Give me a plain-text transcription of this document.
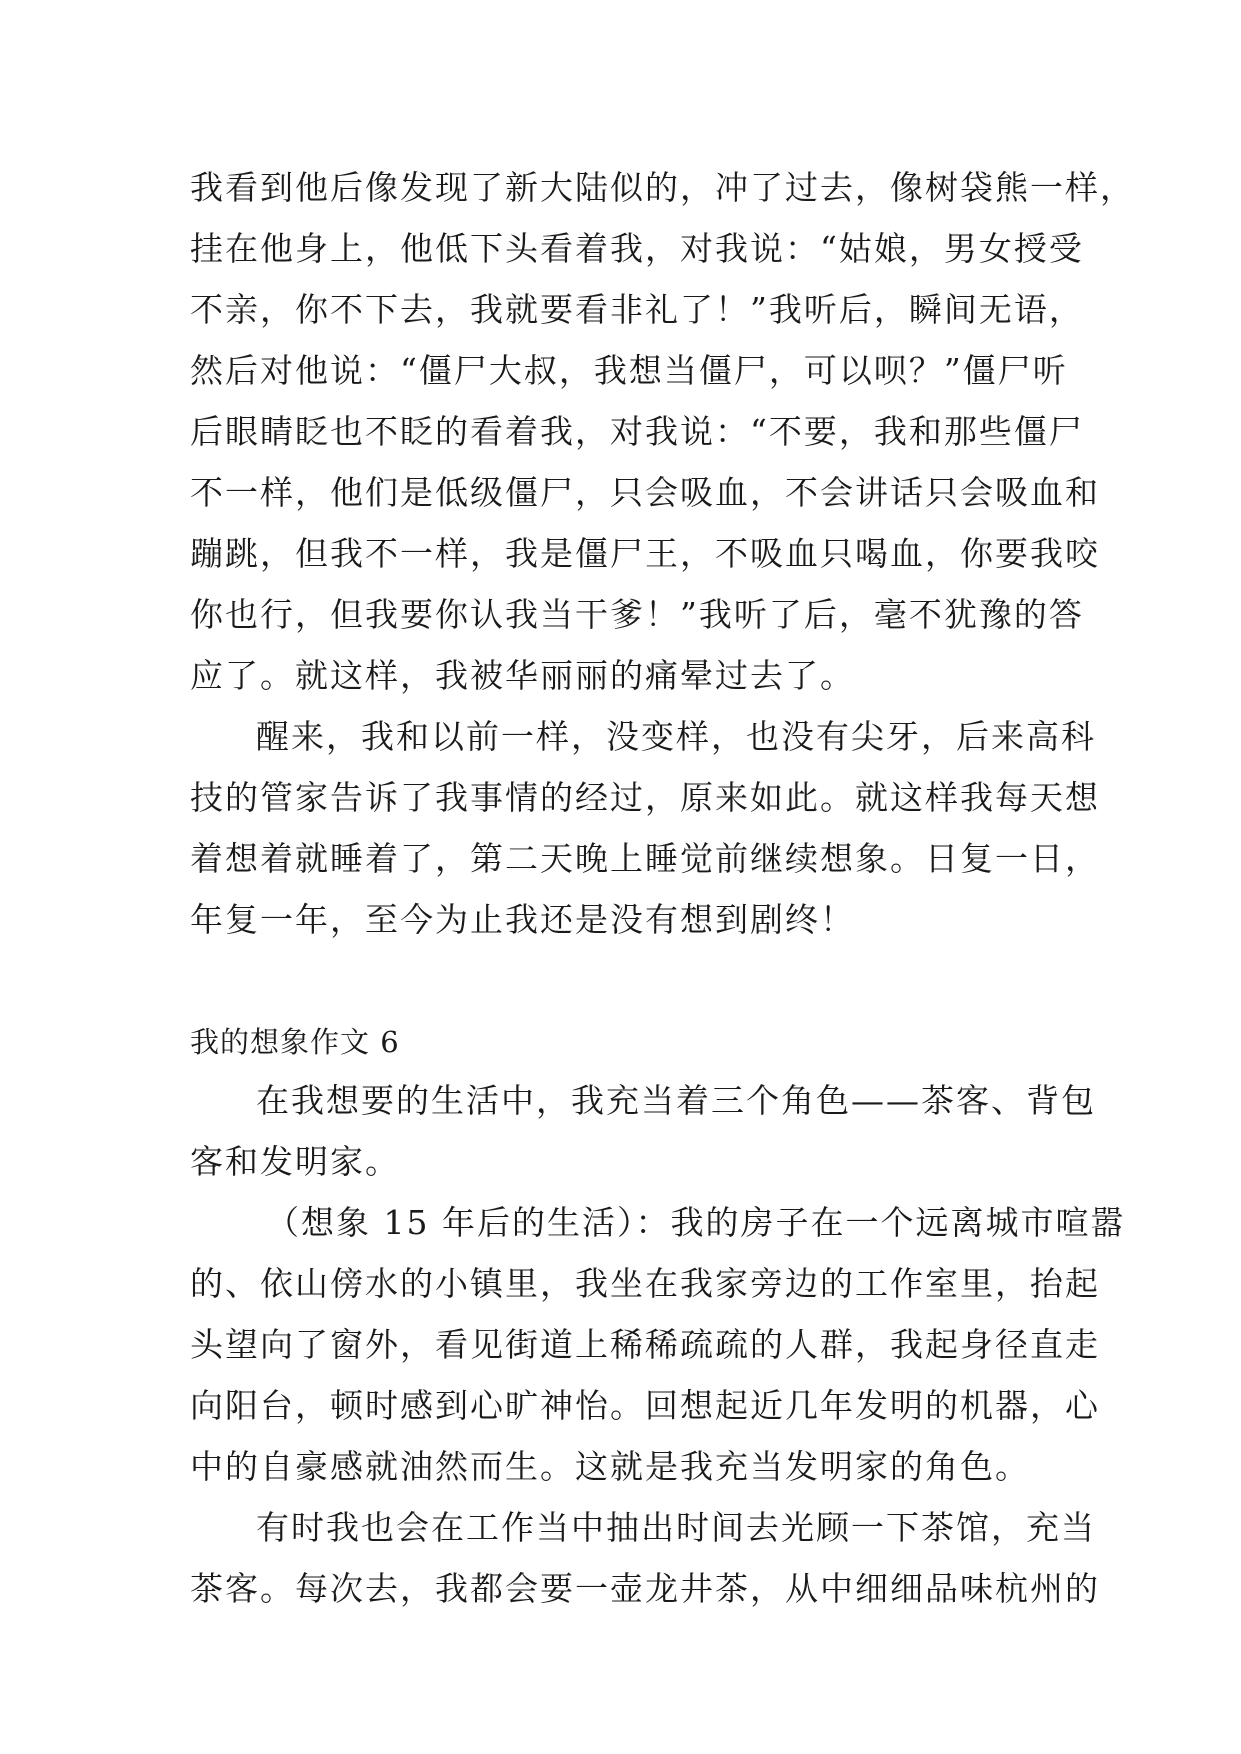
我看到他后像发现了新大陆似的，冲了过去，像树袋熊一样，

挂在他身上，他低下头看着我，对我说：“姑娘，男女授受

不亲，你不下去，我就要看非礼了！”我听后，瞬间无语，

然后对他说：“僵尸大叔，我想当僵尸，可以呗？”僵尸听

后眼睛眨也不眨的看着我，对我说：“不要，我和那些僵尸

不一样，他们是低级僵尸，只会吸血，不会讲话只会吸血和

蹦跳，但我不一样，我是僵尸王，不吸血只喝血，你要我咬

你也行，但我要你认我当干爹！”我听了后，毫不犹豫的答

应了。就这样，我被华丽丽的痛晕过去了。

醒来，我和以前一样，没变样，也没有尖牙，后来高科

技的管家告诉了我事情的经过，原来如此。就这样我每天想

着想着就睡着了，第二天晚上睡觉前继续想象。日复一日，

年复一年，至今为止我还是没有想到剧终！

我的想象作文 6

在我想要的生活中，我充当着三个角色——茶客、背包

客和发明家。

（想象 15 年后的生活）：我的房子在一个远离城市喧嚣

的、依山傍水的小镇里，我坐在我家旁边的工作室里，抬起

头望向了窗外，看见街道上稀稀疏疏的人群，我起身径直走

向阳台，顿时感到心旷神怡。回想起近几年发明的机器，心

中的自豪感就油然而生。这就是我充当发明家的角色。

有时我也会在工作当中抽出时间去光顾一下茶馆，充当

茶客。每次去，我都会要一壶龙井茶，从中细细品味杭州的
